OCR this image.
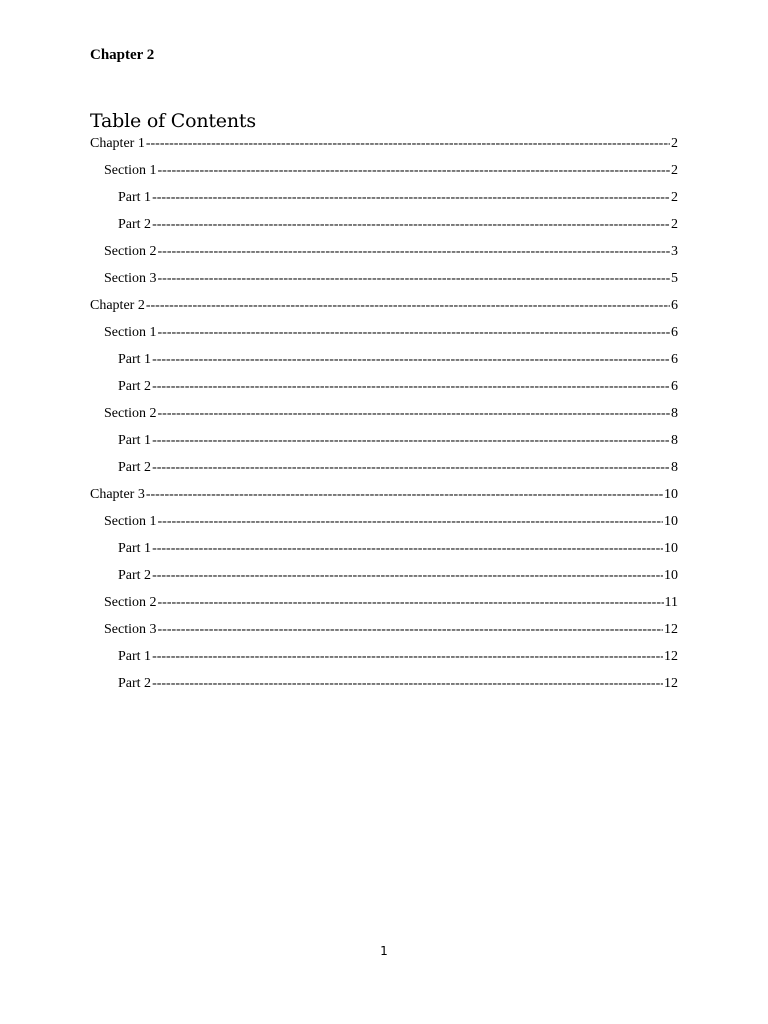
Chapter 2
Table of Contents
Chapter 1 -----	2
Section 1 -----	2
Part 1 -----	2
Part 2 -----	2
Section 2 -----	3
Section 3 -----	5
Chapter 2 -----	6
Section 1 -----	6
Part 1 -----	6
Part 2 -----	6
Section 2 -----	8
Part 1 -----	8
Part 2 -----	8
Chapter 3 -----	10
Section 1 -----	10
Part 1 -----	10
Part 2 -----	10
Section 2 -----	11
Section 3 -----	12
Part 1 -----	12
Part 2 -----	12
1
